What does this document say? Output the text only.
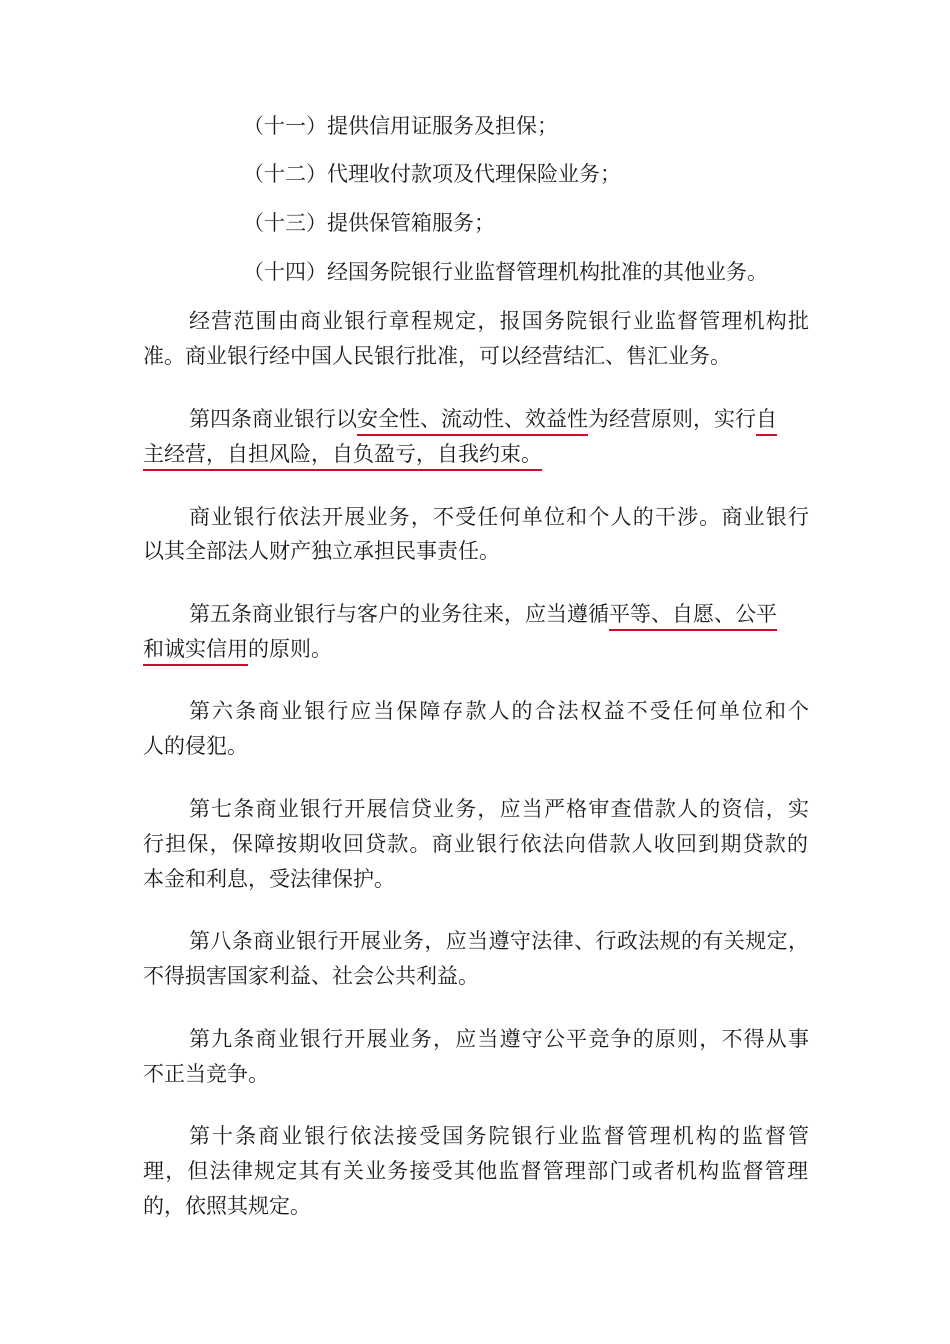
（十一）提供信用证服务及担保；
（十二）代理收付款项及代理保险业务；
（十三）提供保管箱服务；
（十四）经国务院银行业监督管理机构批准的其他业务。
经营范围由商业银行章程规定，报国务院银行业监督管理机构批
准。商业银行经中国人民银行批准，可以经营结汇、售汇业务。
第四条商业银行以安全性、流动性、效益性为经营原则，实行自
主经营，自担风险，自负盈亏，自我约束。
商业银行依法开展业务，不受任何单位和个人的干涉。商业银行
以其全部法人财产独立承担民事责任。
第五条商业银行与客户的业务往来，应当遵循平等、自愿、公平
和诚实信用的原则。
第六条商业银行应当保障存款人的合法权益不受任何单位和个
人的侵犯。
第七条商业银行开展信贷业务，应当严格审查借款人的资信，实
行担保，保障按期收回贷款。商业银行依法向借款人收回到期贷款的
本金和利息，受法律保护。
第八条商业银行开展业务，应当遵守法律、行政法规的有关规定，
不得损害国家利益、社会公共利益。
第九条商业银行开展业务，应当遵守公平竞争的原则，不得从事
不正当竞争。
第十条商业银行依法接受国务院银行业监督管理机构的监督管
理，但法律规定其有关业务接受其他监督管理部门或者机构监督管理
的，依照其规定。
